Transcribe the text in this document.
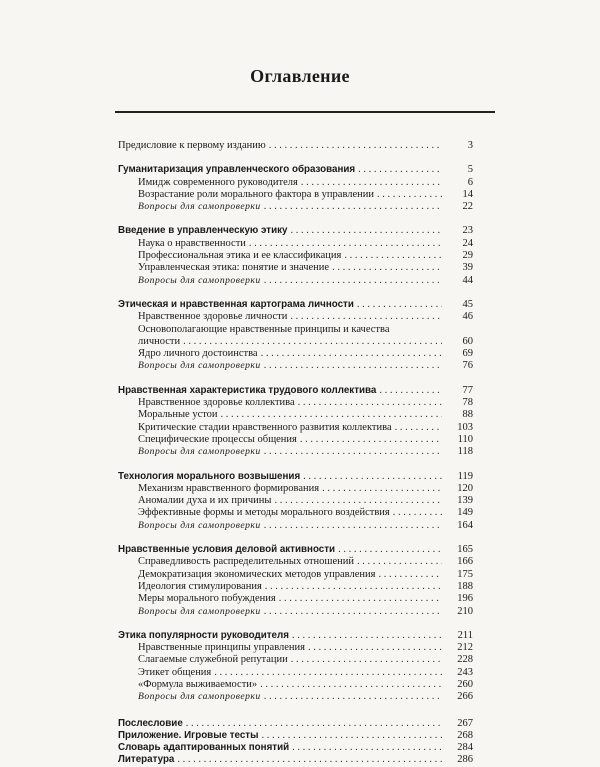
Оглавление
Предисловие к первому изданию . . .	3
Гуманитаризация управленческого образования . . .	5
Имидж современного руководителя . . .	6
Возрастание роли морального фактора в управлении . . .	14
Вопросы для самопроверки . . .	22
Введение в управленческую этику . . .	23
Наука о нравственности . . .	24
Профессиональная этика и ее классификация . . .	29
Управленческая этика: понятие и значение . . .	39
Вопросы для самопроверки . . .	44
Этическая и нравственная картограма личности . . .	45
Нравственное здоровье личности . . .	46
Основополагающие нравственные принципы и качества
личности . . .	60
Ядро личного достоинства . . .	69
Вопросы для самопроверки . . .	76
Нравственная характеристика трудового коллектива . . .	77
Нравственное здоровье коллектива . . .	78
Моральные устои . . .	88
Критические стадии нравственного развития коллектива . . .	103
Специфические процессы общения . . .	110
Вопросы для самопроверки . . .	118
Технология морального возвышения . . .	119
Механизм нравственного формирования . . .	120
Аномалии духа и их причины . . .	139
Эффективные формы и методы морального воздействия . . .	149
Вопросы для самопроверки . . .	164
Нравственные условия деловой активности . . .	165
Справедливость распределительных отношений . . .	166
Демократизация экономических методов управления . . .	175
Идеология стимулирования . . .	188
Меры морального побуждения . . .	196
Вопросы для самопроверки . . .	210
Этика популярности руководителя . . .	211
Нравственные принципы управления . . .	212
Слагаемые служебной репутации . . .	228
Этикет общения . . .	243
«Формула выживаемости» . . .	260
Вопросы для самопроверки . . .	266
Послесловие . . .	267
Приложение. Игровые тесты . . .	268
Словарь адаптированных понятий . . .	284
Литература . . .	286
